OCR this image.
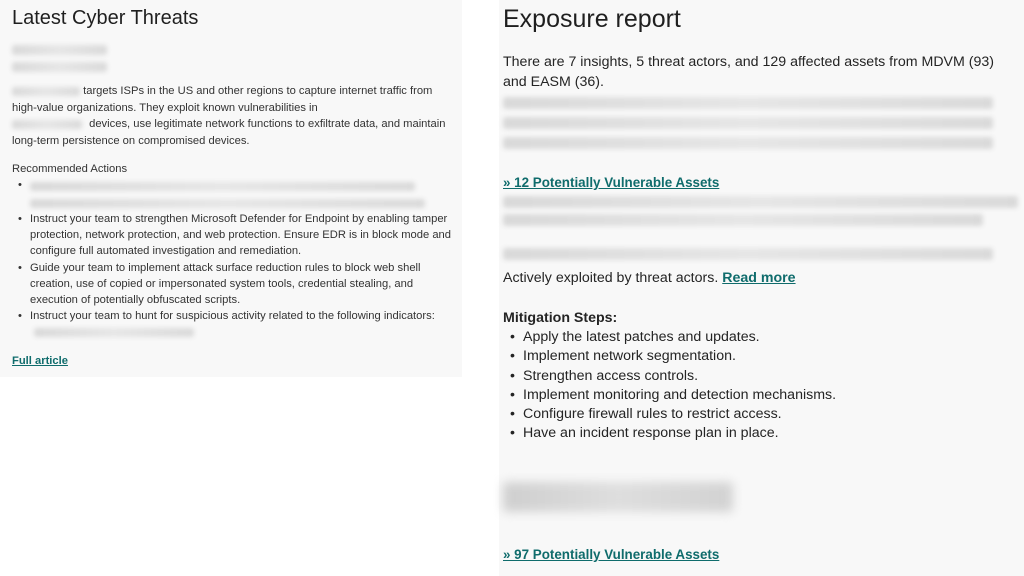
Latest Cyber Threats

targets ISPs in the US and other regions to capture internet traffic from high-value organizations. They exploit known vulnerabilities in
devices, use legitimate network functions to exfiltrate data, and maintain long-term persistence on compromised devices.

Recommended Actions
•

• Instruct your team to strengthen Microsoft Defender for Endpoint by enabling tamper protection, network protection, and web protection. Ensure EDR is in block mode and configure full automated investigation and remediation.
• Guide your team to implement attack surface reduction rules to block web shell creation, use of copied or impersonated system tools, credential stealing, and execution of potentially obfuscated scripts.
• Instruct your team to hunt for suspicious activity related to the following indicators:
Full article
Exposure report
There are 7 insights, 5 threat actors, and 129 affected assets from MDVM (93) and EASM (36).
» 12 Potentially Vulnerable Assets
Actively exploited by threat actors. Read more
Mitigation Steps:
• Apply the latest patches and updates.
• Implement network segmentation.
• Strengthen access controls.
• Implement monitoring and detection mechanisms.
• Configure firewall rules to restrict access.
• Have an incident response plan in place.
» 97 Potentially Vulnerable Assets
